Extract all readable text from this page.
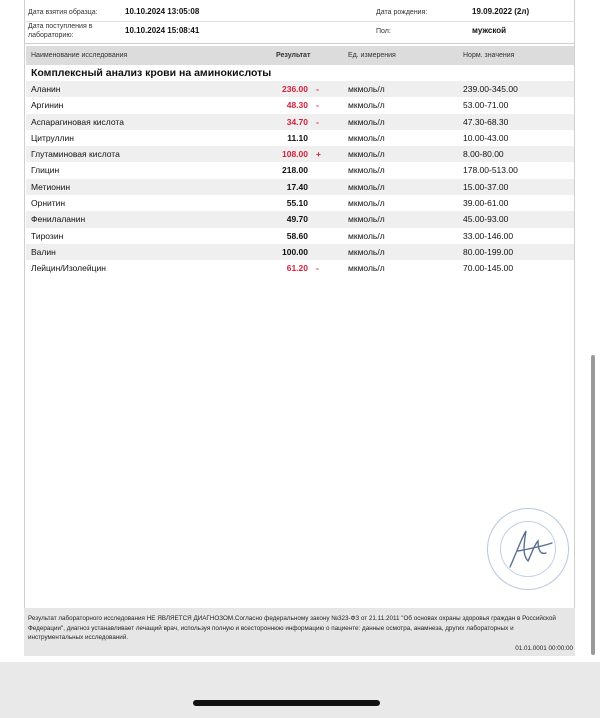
Дата взятия образца:	10.10.2024 13:05:08	Дата рождения:	19.09.2022 (2л)
Дата поступления в
лабораторию:
10.10.2024 15:08:41	Пол:	мужской
Наименование исследования	Результат	Ед. измерения	Норм. значения
Комплексный анализ крови на аминокислоты
Аланин	236.00 -	мкмоль/л	239.00-345.00
Аргинин	48.30 -	мкмоль/л	53.00-71.00
Аспарагиновая кислота	34.70 -	мкмоль/л	47.30-68.30
Цитруллин	11.10	мкмоль/л	10.00-43.00
Глутаминовая кислота	108.00 +	мкмоль/л	8.00-80.00
Глицин	218.00	мкмоль/л	178.00-513.00
Метионин	17.40	мкмоль/л	15.00-37.00
Орнитин	55.10	мкмоль/л	39.00-61.00
Фенилаланин	49.70	мкмоль/л	45.00-93.00
Тирозин	58.60	мкмоль/л	33.00-146.00
Валин	100.00	мкмоль/л	80.00-199.00
Лейцин/Изолейцин	61.20 -	мкмоль/л	70.00-145.00
Результат лабораторного исследования НЕ ЯВЛЯЕТСЯ ДИАГНОЗОМ.Согласно федеральному закону №323-ФЗ от 21.11.2011 "Об основах охраны здоровья граждан в Российской Федерации", диагноз устанавливает лечащий врач, используя полную и всестороннюю информацию о пациенте: данные осмотра, анамнеза, других лабораторных и инструментальных исследований.
01.01.0001 00:00:00
